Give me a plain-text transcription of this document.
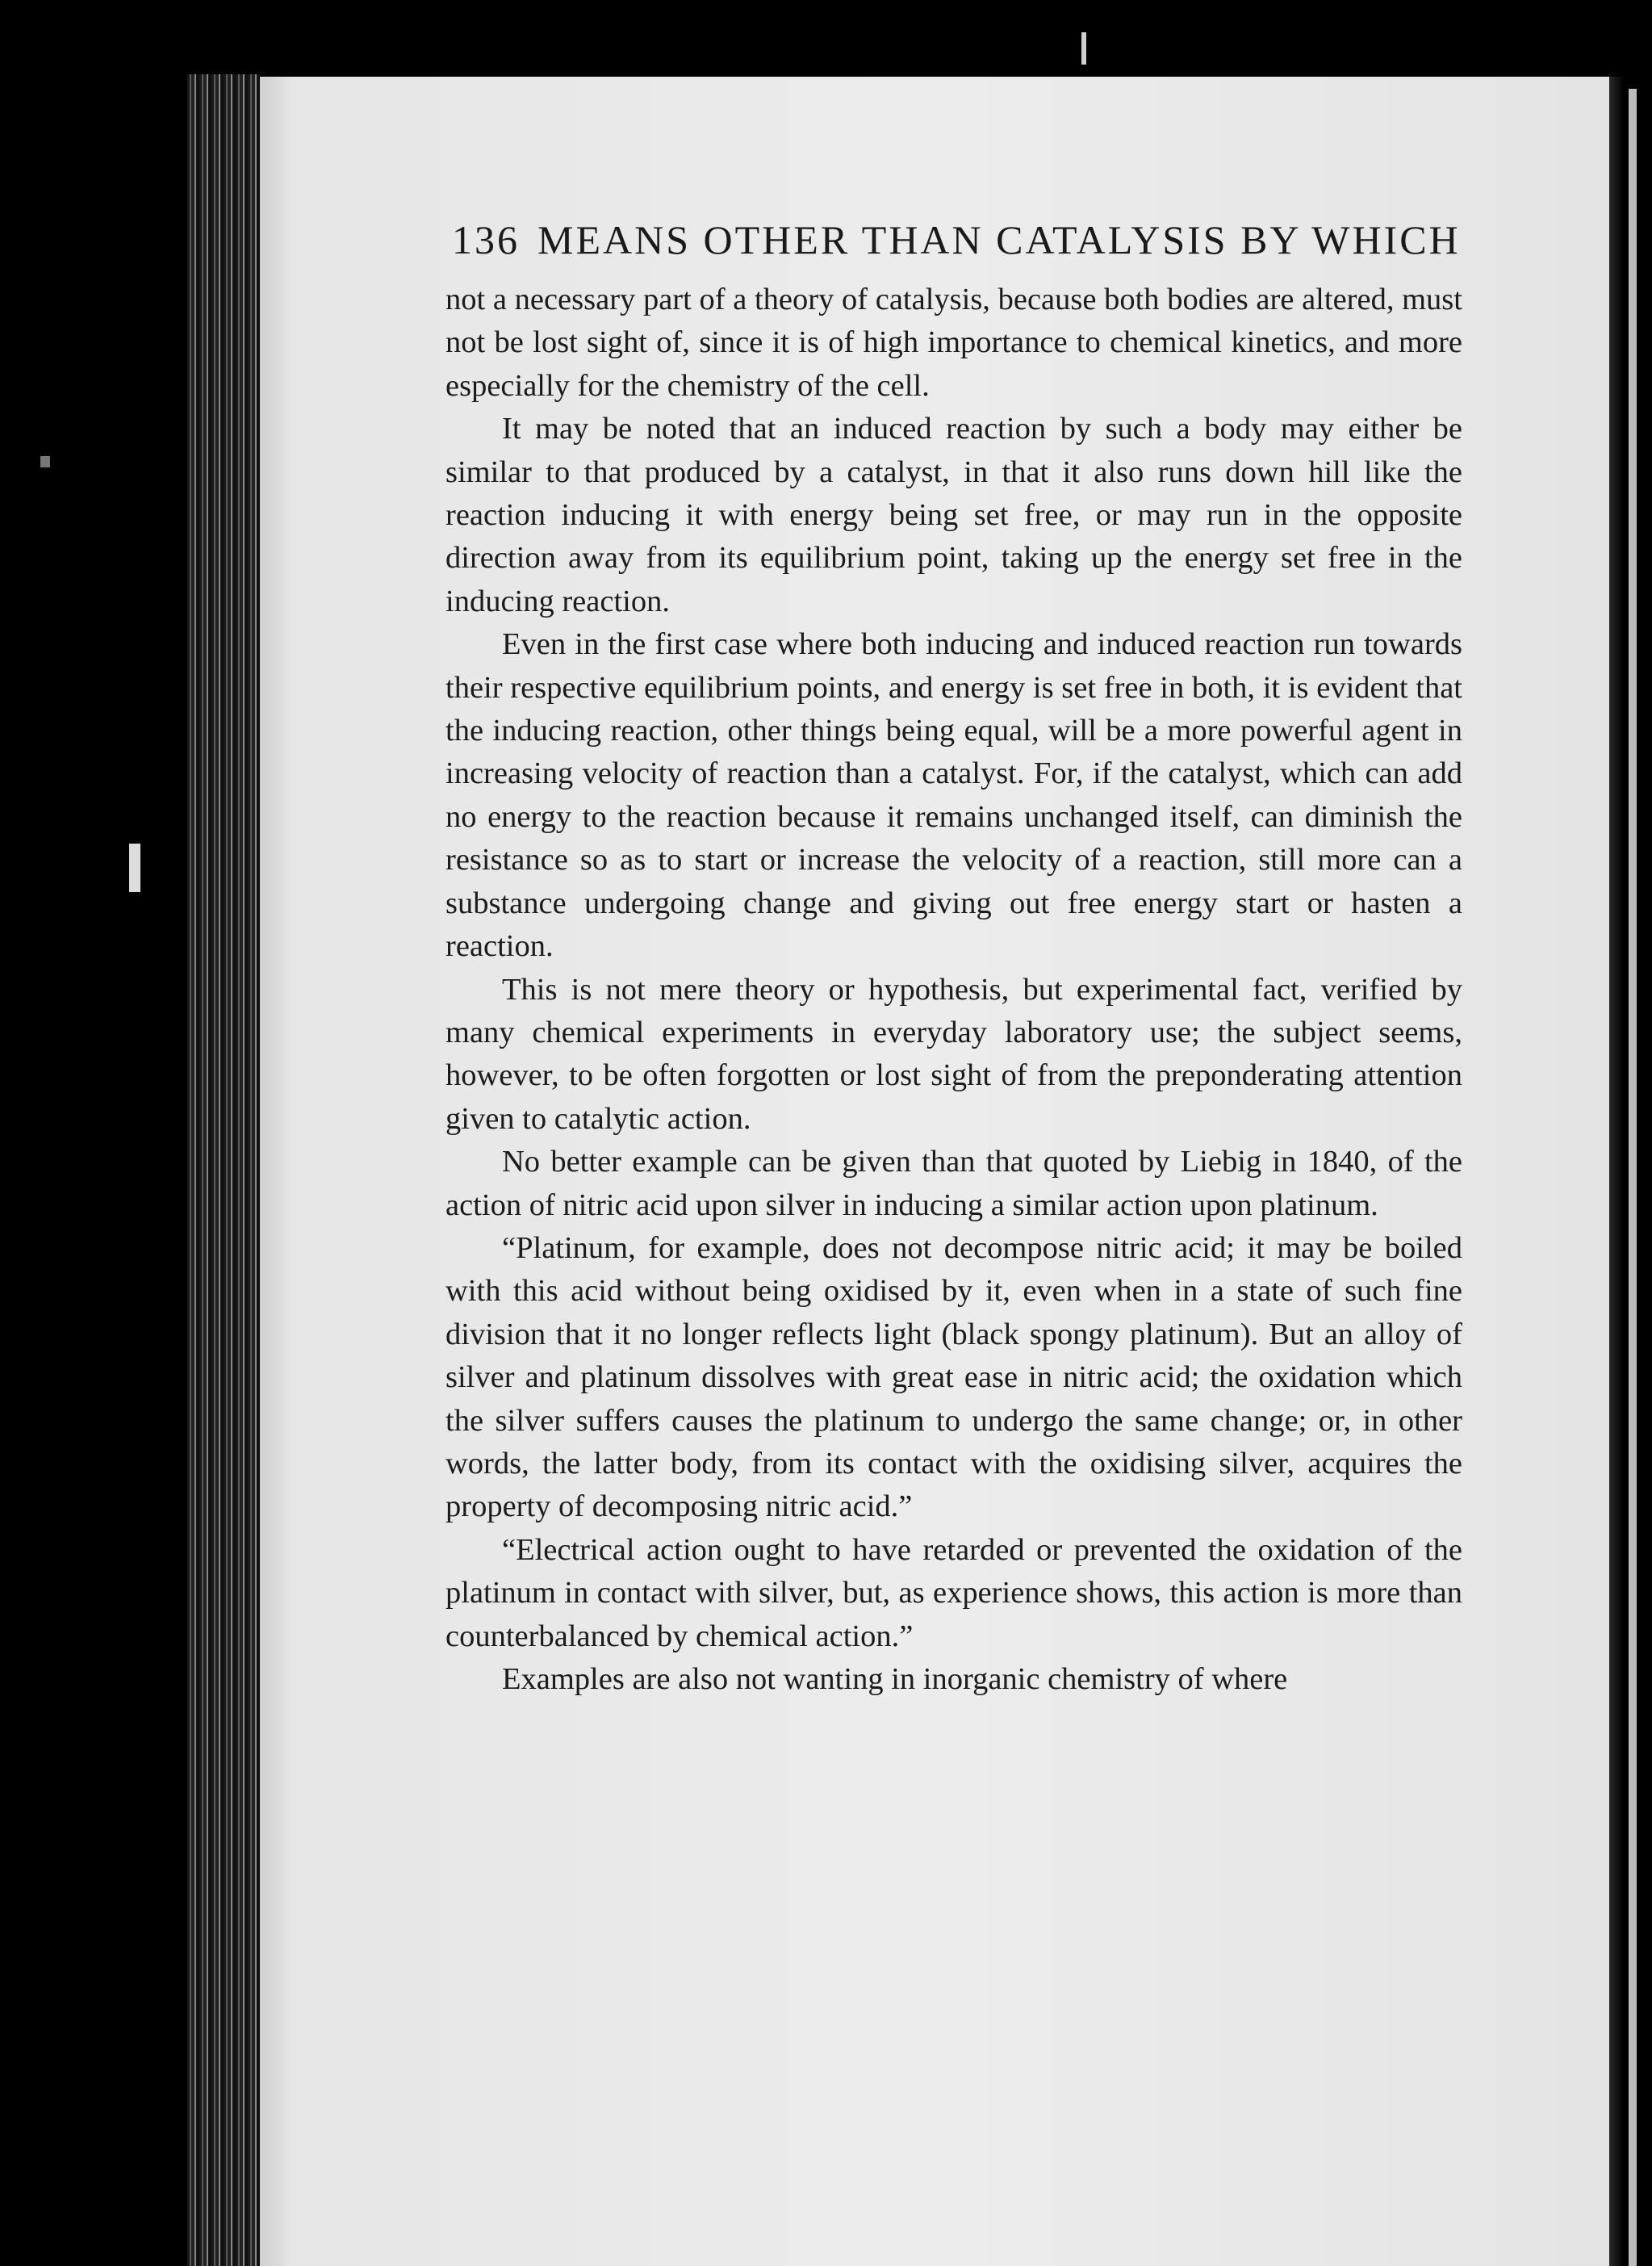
136 MEANS OTHER THAN CATALYSIS BY WHICH

not a necessary part of a theory of catalysis, because both bodies are altered, must not be lost sight of, since it is of high importance to chemical kinetics, and more especially for the chemistry of the cell.

It may be noted that an induced reaction by such a body may either be similar to that produced by a catalyst, in that it also runs down hill like the reaction inducing it with energy being set free, or may run in the opposite direction away from its equilibrium point, taking up the energy set free in the inducing reaction.

Even in the first case where both inducing and induced reaction run towards their respective equilibrium points, and energy is set free in both, it is evident that the inducing reaction, other things being equal, will be a more powerful agent in increasing velocity of reaction than a catalyst. For, if the catalyst, which can add no energy to the reaction because it remains unchanged itself, can diminish the resistance so as to start or increase the velocity of a reaction, still more can a substance undergoing change and giving out free energy start or hasten a reaction.

This is not mere theory or hypothesis, but experimental fact, verified by many chemical experiments in everyday laboratory use; the subject seems, however, to be often forgotten or lost sight of from the preponderating attention given to catalytic action.

No better example can be given than that quoted by Liebig in 1840, of the action of nitric acid upon silver in inducing a similar action upon platinum.

“Platinum, for example, does not decompose nitric acid; it may be boiled with this acid without being oxidised by it, even when in a state of such fine division that it no longer reflects light (black spongy platinum). But an alloy of silver and platinum dissolves with great ease in nitric acid; the oxidation which the silver suffers causes the platinum to undergo the same change; or, in other words, the latter body, from its contact with the oxidising silver, acquires the property of decomposing nitric acid.”

“Electrical action ought to have retarded or prevented the oxidation of the platinum in contact with silver, but, as experience shows, this action is more than counterbalanced by chemical action.”

Examples are also not wanting in inorganic chemistry of where
